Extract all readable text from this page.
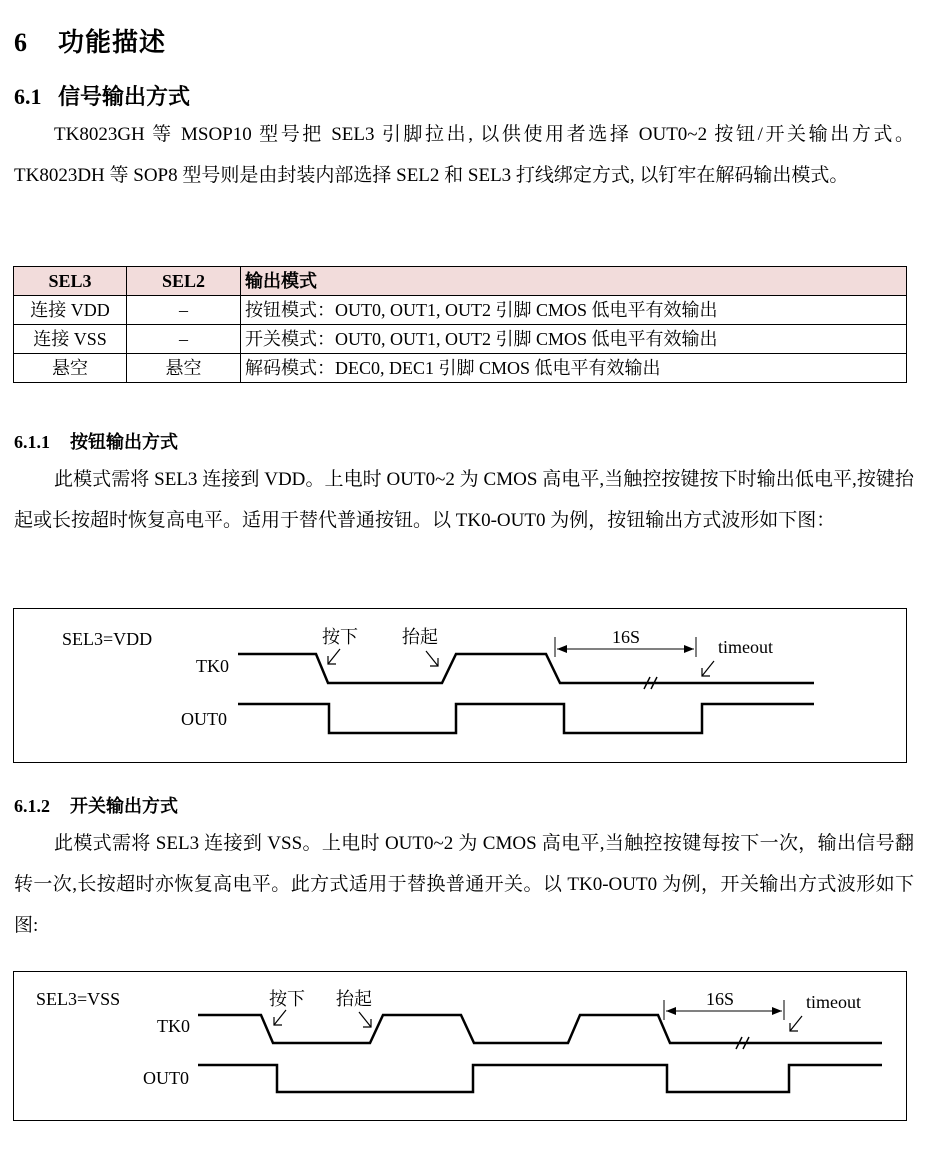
6 功能描述
6.1 信号输出方式

TK8023GH 等 MSOP10 型号把 SEL3 引脚拉出, 以供使用者选择 OUT0~2 按钮/开关输出方式。TK8023DH 等 SOP8 型号则是由封装内部选择 SEL2 和 SEL3 打线绑定方式, 以钉牢在解码输出模式。

SEL3	SEL2	输出模式
连接 VDD	–	按钮模式：OUT0, OUT1, OUT2 引脚 CMOS 低电平有效输出
连接 VSS	–	开关模式：OUT0, OUT1, OUT2 引脚 CMOS 低电平有效输出
悬空	悬空	解码模式：DEC0, DEC1 引脚 CMOS 低电平有效输出
6.1.1 按钮输出方式

此模式需将 SEL3 连接到 VDD。上电时 OUT0~2 为 CMOS 高电平,当触控按键按下时输出低电平,按键抬起或长按超时恢复高电平。适用于替代普通按钮。以 TK0-OUT0 为例，按钮输出方式波形如下图：

SEL3=VDD
TK0
OUT0
按下 抬起	16S	timeout
6.1.2 开关输出方式

此模式需将 SEL3 连接到 VSS。上电时 OUT0~2 为 CMOS 高电平,当触控按键每按下一次，输出信号翻转一次,长按超时亦恢复高电平。此方式适用于替换普通开关。以 TK0-OUT0 为例，开关输出方式波形如下图:

SEL3=VSS
TK0
OUT0
按下 抬起	16S	timeout
